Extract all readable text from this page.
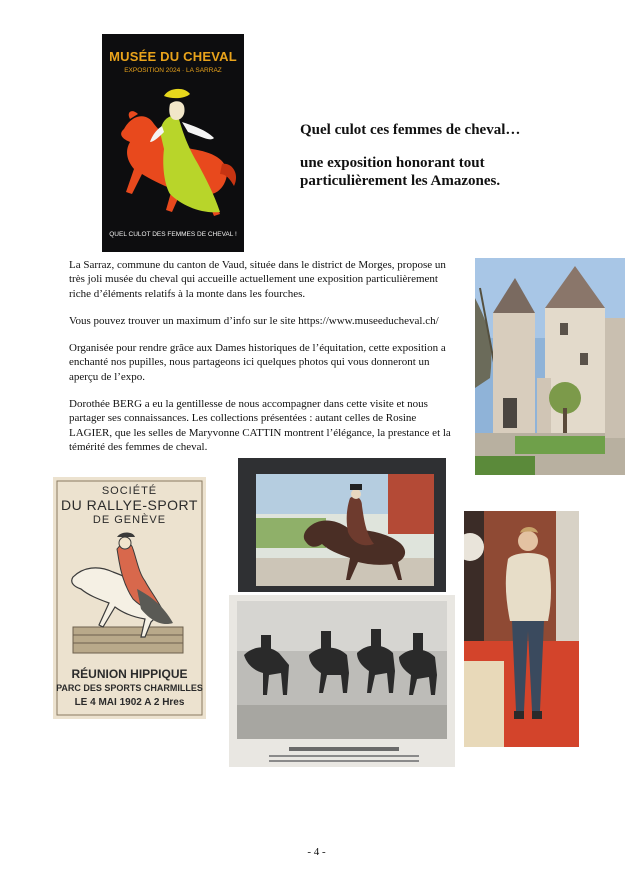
MUSÉE DU CHEVAL
EXPOSITION 2024 · LA SARRAZ
QUEL CULOT DES FEMMES DE CHEVAL !
Quel culot ces femmes de cheval…
une exposition honorant tout
particulièrement les Amazones.

La Sarraz, commune du canton de Vaud, située dans le district de Morges, propose un très joli musée du cheval qui accueille actuellement une exposition particulièrement riche d’éléments relatifs à la monte dans les fourches.

Vous pouvez trouver un maximum d’info sur le site https://www.museeducheval.ch/

Organisée pour rendre grâce aux Dames historiques de l’équitation, cette exposition a enchanté nos pupilles, nous partageons ici quelques photos qui vous donneront un aperçu de l’expo.

Dorothée BERG a eu la gentillesse de nous accompagner dans cette visite et nous partager ses connaissances. Les collections présentées : autant celles de Rosine LAGIER, que les selles de Maryvonne CATTIN montrent l’élégance, la prestance et la témérité des femmes de cheval.

SOCIÉTÉ
DU RALLYE-SPORT
DE GENÈVE
RÉUNION HIPPIQUE
PARC DES SPORTS CHARMILLES
LE 4 MAI 1902 A 2 Hres
- 4 -
